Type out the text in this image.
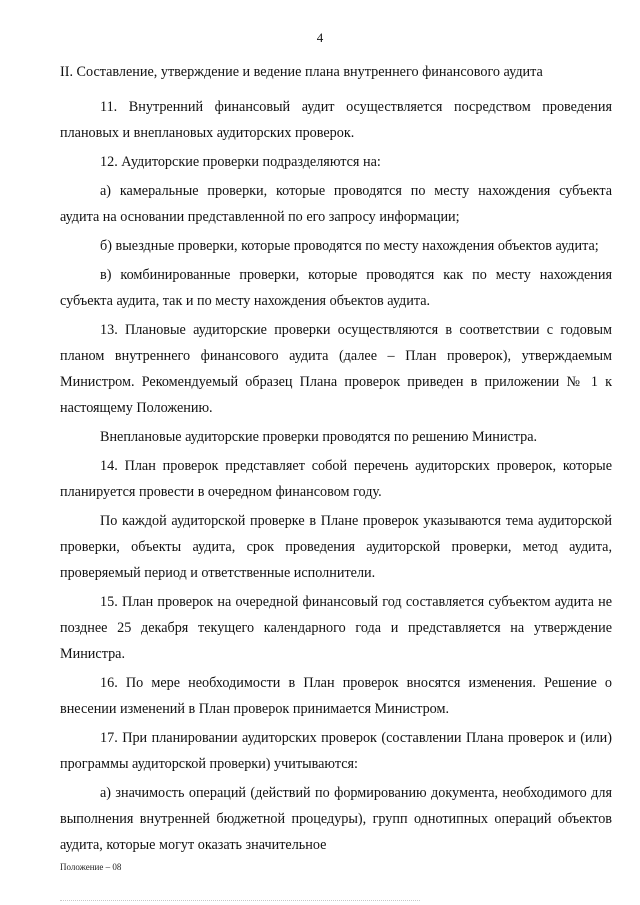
4
II. Составление, утверждение и ведение плана внутреннего финансового аудита

11. Внутренний финансовый аудит осуществляется посредством проведения плановых и внеплановых аудиторских проверок.

12. Аудиторские проверки подразделяются на:

а) камеральные проверки, которые проводятся по месту нахождения субъекта аудита на основании представленной по его запросу информации;

б) выездные проверки, которые проводятся по месту нахождения объектов аудита;

в) комбинированные проверки, которые проводятся как по месту нахождения субъекта аудита, так и по месту нахождения объектов аудита.

13. Плановые аудиторские проверки осуществляются в соответствии с годовым планом внутреннего финансового аудита (далее – План проверок), утверждаемым Министром. Рекомендуемый образец Плана проверок приведен в приложении № 1 к настоящему Положению.

Внеплановые аудиторские проверки проводятся по решению Министра.

14. План проверок представляет собой перечень аудиторских проверок, которые планируется провести в очередном финансовом году.

По каждой аудиторской проверке в Плане проверок указываются тема аудиторской проверки, объекты аудита, срок проведения аудиторской проверки, метод аудита, проверяемый период и ответственные исполнители.

15. План проверок на очередной финансовый год составляется субъектом аудита не позднее 25 декабря текущего календарного года и представляется на утверждение Министра.

16. По мере необходимости в План проверок вносятся изменения. Решение о внесении изменений в План проверок принимается Министром.

17. При планировании аудиторских проверок (составлении Плана проверок и (или) программы аудиторской проверки) учитываются:

а) значимость операций (действий по формированию документа, необходимого для выполнения внутренней бюджетной процедуры), групп однотипных операций объектов аудита, которые могут оказать значительное

Положение – 08
